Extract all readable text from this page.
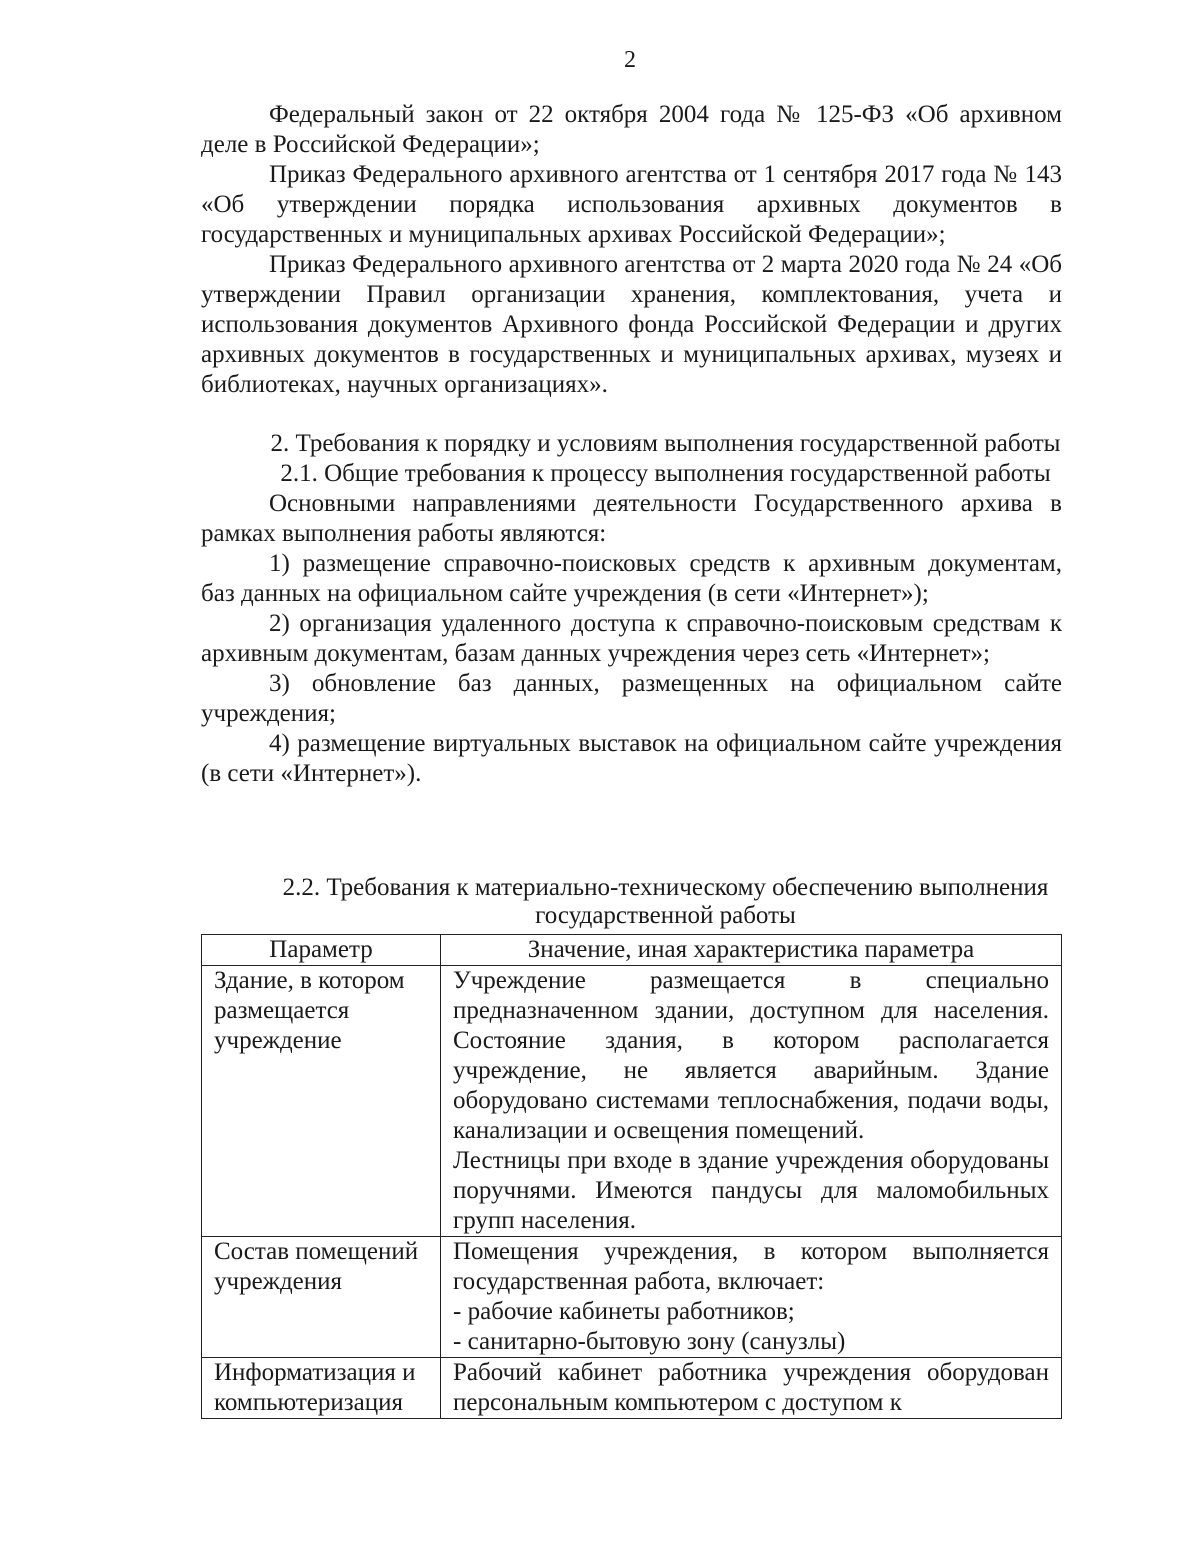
2

Федеральный закон от 22 октября 2004 года № 125-ФЗ «Об архивном деле в Российской Федерации»;

Приказ Федерального архивного агентства от 1 сентября 2017 года № 143 «Об утверждении порядка использования архивных документов в государственных и муниципальных архивах Российской Федерации»;

Приказ Федерального архивного агентства от 2 марта 2020 года № 24 «Об утверждении Правил организации хранения, комплектования, учета и использования документов Архивного фонда Российской Федерации и других архивных документов в государственных и муниципальных архивах, музеях и библиотеках, научных организациях».

2. Требования к порядку и условиям выполнения государственной работы

2.1. Общие требования к процессу выполнения государственной работы

Основными направлениями деятельности Государственного архива в рамках выполнения работы являются:

1) размещение справочно-поисковых средств к архивным документам, баз данных на официальном сайте учреждения (в сети «Интернет»);

2) организация удаленного доступа к справочно-поисковым средствам к архивным документам, базам данных учреждения через сеть «Интернет»;

3) обновление баз данных, размещенных на официальном сайте учреждения;

4) размещение виртуальных выставок на официальном сайте учреждения (в сети «Интернет»).

2.2. Требования к материально-техническому обеспечению выполнения государственной работы

Параметр	Значение, иная характеристика параметра
Здание, в котором размещается учреждение	Учреждение размещается в специально предназначенном здании, доступном для населения. Состояние здания, в котором располагается учреждение, не является аварийным. Здание оборудовано системами теплоснабжения, подачи воды, канализации и освещения помещений.
Лестницы при входе в здание учреждения оборудованы поручнями. Имеются пандусы для маломобильных групп населения.

Состав помещений учреждения	Помещения учреждения, в котором выполняется государственная работа, включает:
- рабочие кабинеты работников;
- санитарно-бытовую зону (санузлы)

Информатизация и компьютеризация	Рабочий кабинет работника учреждения оборудован персональным компьютером с доступом к
